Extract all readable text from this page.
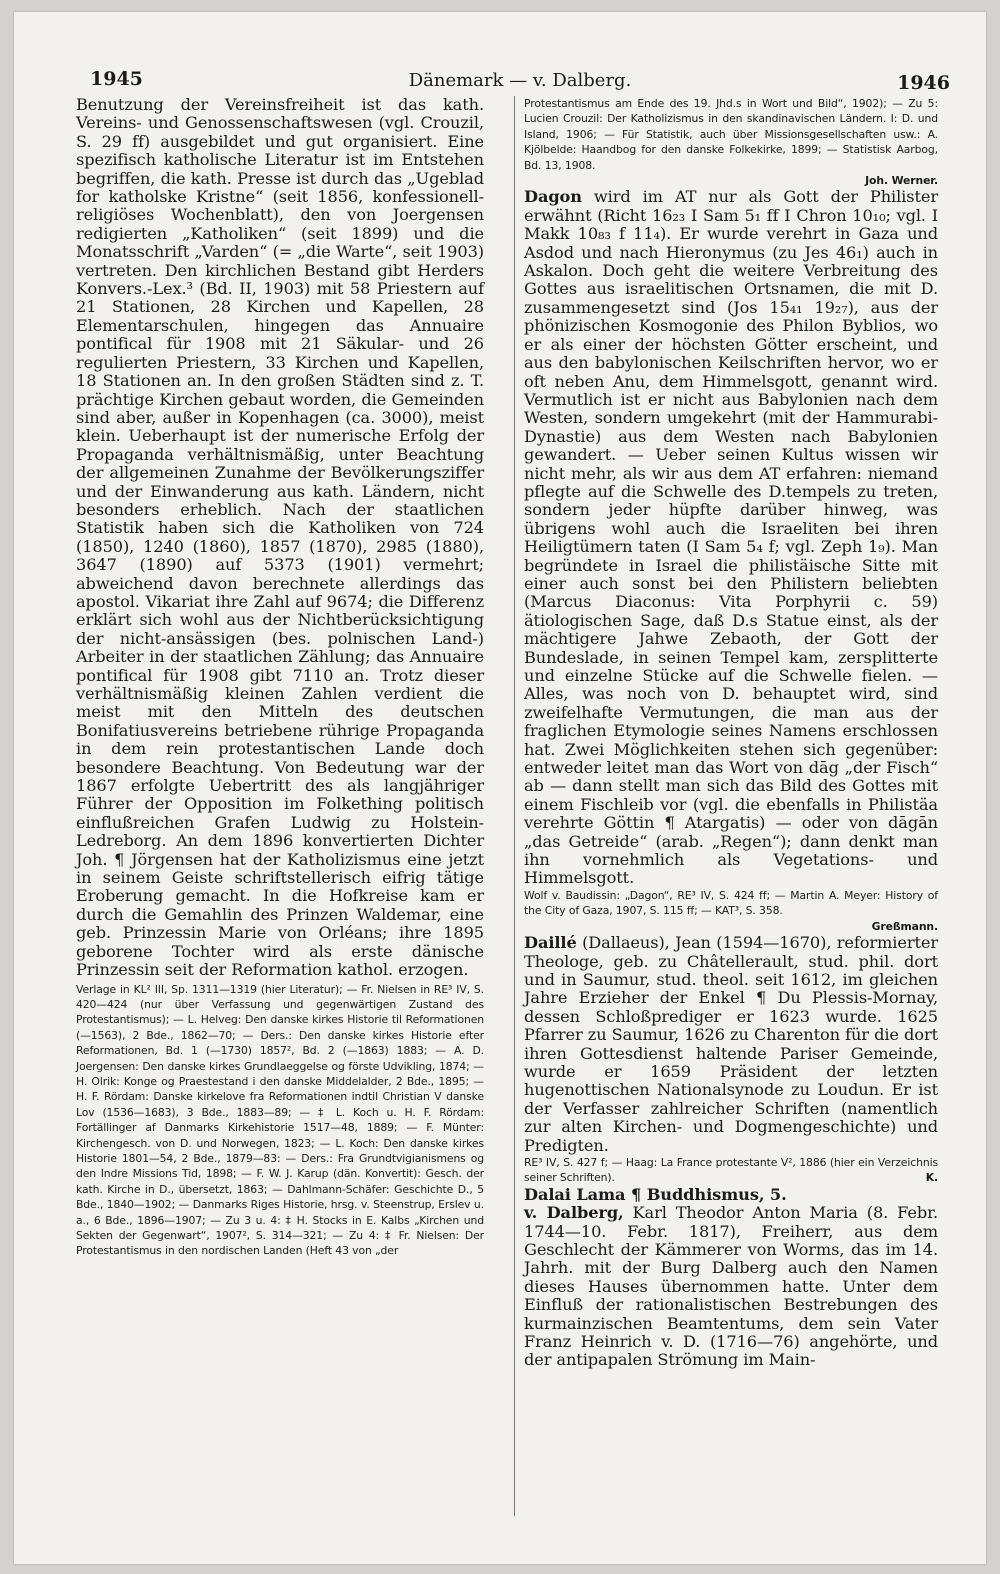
1945	Dänemark — v. Dalberg.	1946

Benutzung der Vereinsfreiheit ist das kath. Vereins- und Genossenschaftswesen (vgl. Crouzil, S. 29 ff) ausgebildet und gut organisiert. Eine spezifisch katholische Literatur ist im Entstehen begriffen, die kath. Presse ist durch das „Ugeblad for katholske Kristne“ (seit 1856, konfessionell-religiöses Wochenblatt), den von Joergensen redigierten „Katholiken“ (seit 1899) und die Monatsschrift „Varden“ (= „die Warte“, seit 1903) vertreten. Den kirchlichen Bestand gibt Herders Konvers.-Lex.³ (Bd. II, 1903) mit 58 Priestern auf 21 Stationen, 28 Kirchen und Kapellen, 28 Elementarschulen, hingegen das Annuaire pontifical für 1908 mit 21 Säkular- und 26 regulierten Priestern, 33 Kirchen und Kapellen, 18 Stationen an. In den großen Städten sind z. T. prächtige Kirchen gebaut worden, die Gemeinden sind aber, außer in Kopenhagen (ca. 3000), meist klein. Ueberhaupt ist der numerische Erfolg der Propaganda verhältnismäßig, unter Beachtung der allgemeinen Zunahme der Bevölkerungsziffer und der Einwanderung aus kath. Ländern, nicht besonders erheblich. Nach der staatlichen Statistik haben sich die Katholiken von 724 (1850), 1240 (1860), 1857 (1870), 2985 (1880), 3647 (1890) auf 5373 (1901) vermehrt; abweichend davon berechnete allerdings das apostol. Vikariat ihre Zahl auf 9674; die Differenz erklärt sich wohl aus der Nichtberücksichtigung der nicht-ansässigen (bes. polnischen Land-) Arbeiter in der staatlichen Zählung; das Annuaire pontifical für 1908 gibt 7110 an. Trotz dieser verhältnismäßig kleinen Zahlen verdient die meist mit den Mitteln des deutschen Bonifatiusvereins betriebene rührige Propaganda in dem rein protestantischen Lande doch besondere Beachtung. Von Bedeutung war der 1867 erfolgte Uebertritt des als langjähriger Führer der Opposition im Folkething politisch einflußreichen Grafen Ludwig zu Holstein-Ledreborg. An dem 1896 konvertierten Dichter Joh. ¶ Jörgensen hat der Katholizismus eine jetzt in seinem Geiste schriftstellerisch eifrig tätige Eroberung gemacht. In die Hofkreise kam er durch die Gemahlin des Prinzen Waldemar, eine geb. Prinzessin Marie von Orléans; ihre 1895 geborene Tochter wird als erste dänische Prinzessin seit der Reformation kathol. erzogen.

Verlage in KL² III, Sp. 1311—1319 (hier Literatur); — Fr. Nielsen in RE³ IV, S. 420—424 (nur über Verfassung und gegenwärtigen Zustand des Protestantismus); — L. Helveg: Den danske kirkes Historie til Reformationen (—1563), 2 Bde., 1862—70; — Ders.: Den danske kirkes Historie efter Reformationen, Bd. 1 (—1730) 1857², Bd. 2 (—1863) 1883; — A. D. Joergensen: Den danske kirkes Grundlaeggelse og förste Udvikling, 1874; — H. Olrik: Konge og Praestestand i den danske Middelalder, 2 Bde., 1895; — H. F. Rördam: Danske kirkelove fra Reformationen indtil Christian V danske Lov (1536—1683), 3 Bde., 1883—89; — ‡ L. Koch u. H. F. Rördam: Fortällinger af Danmarks Kirkehistorie 1517—48, 1889; — F. Münter: Kirchengesch. von D. und Norwegen, 1823; — L. Koch: Den danske kirkes Historie 1801—54, 2 Bde., 1879—83: — Ders.: Fra Grundtvigianismens og den Indre Missions Tid, 1898; — F. W. J. Karup (dän. Konvertit): Gesch. der kath. Kirche in D., übersetzt, 1863; — Dahlmann-Schäfer: Geschichte D., 5 Bde., 1840—1902; — Danmarks Riges Historie, hrsg. v. Steenstrup, Erslev u. a., 6 Bde., 1896—1907; — Zu 3 u. 4: ‡ H. Stocks in E. Kalbs „Kirchen und Sekten der Gegenwart“, 1907², S. 314—321; — Zu 4: ‡ Fr. Nielsen: Der Protestantismus in den nordischen Landen (Heft 43 von „der

Protestantismus am Ende des 19. Jhd.s in Wort und Bild“, 1902); — Zu 5: Lucien Crouzil: Der Katholizismus in den skandinavischen Ländern. I: D. und Island, 1906; — Für Statistik, auch über Missionsgesellschaften usw.: A. Kjölbelde: Haandbog for den danske Folkekirke, 1899; — Statistisk Aarbog, Bd. 13, 1908.

Joh. Werner.

Dagon wird im AT nur als Gott der Philister erwähnt (Richt 16₂₃ I Sam 5₁ ff I Chron 10₁₀; vgl. I Makk 10₈₃ f 11₄). Er wurde verehrt in Gaza und Asdod und nach Hieronymus (zu Jes 46₁) auch in Askalon. Doch geht die weitere Verbreitung des Gottes aus israelitischen Ortsnamen, die mit D. zusammengesetzt sind (Jos 15₄₁ 19₂₇), aus der phönizischen Kosmogonie des Philon Byblios, wo er als einer der höchsten Götter erscheint, und aus den babylonischen Keilschriften hervor, wo er oft neben Anu, dem Himmelsgott, genannt wird. Vermutlich ist er nicht aus Babylonien nach dem Westen, sondern umgekehrt (mit der Hammurabi-Dynastie) aus dem Westen nach Babylonien gewandert. — Ueber seinen Kultus wissen wir nicht mehr, als wir aus dem AT erfahren: niemand pflegte auf die Schwelle des D.tempels zu treten, sondern jeder hüpfte darüber hinweg, was übrigens wohl auch die Israeliten bei ihren Heiligtümern taten (I Sam 5₄ f; vgl. Zeph 1₉). Man begründete in Israel die philistäische Sitte mit einer auch sonst bei den Philistern beliebten (Marcus Diaconus: Vita Porphyrii c. 59) ätiologischen Sage, daß D.s Statue einst, als der mächtigere Jahwe Zebaoth, der Gott der Bundeslade, in seinen Tempel kam, zersplitterte und einzelne Stücke auf die Schwelle fielen. — Alles, was noch von D. behauptet wird, sind zweifelhafte Vermutungen, die man aus der fraglichen Etymologie seines Namens erschlossen hat. Zwei Möglichkeiten stehen sich gegenüber: entweder leitet man das Wort von dāg „der Fisch“ ab — dann stellt man sich das Bild des Gottes mit einem Fischleib vor (vgl. die ebenfalls in Philistäa verehrte Göttin ¶ Atargatis) — oder von dāgān „das Getreide“ (arab. „Regen“); dann denkt man ihn vornehmlich als Vegetations- und Himmelsgott.

Wolf v. Baudissin: „Dagon“, RE³ IV, S. 424 ff; — Martin A. Meyer: History of the City of Gaza, 1907, S. 115 ff; — KAT³, S. 358.

Greßmann.

Daillé (Dallaeus), Jean (1594—1670), reformierter Theologe, geb. zu Châtellerault, stud. phil. dort und in Saumur, stud. theol. seit 1612, im gleichen Jahre Erzieher der Enkel ¶ Du Plessis-Mornay, dessen Schloßprediger er 1623 wurde. 1625 Pfarrer zu Saumur, 1626 zu Charenton für die dort ihren Gottesdienst haltende Pariser Gemeinde, wurde er 1659 Präsident der letzten hugenottischen Nationalsynode zu Loudun. Er ist der Verfasser zahlreicher Schriften (namentlich zur alten Kirchen- und Dogmengeschichte) und Predigten.

RE³ IV, S. 427 f; — Haag: La France protestante V², 1886 (hier ein Verzeichnis seiner Schriften).	K.

Dalai Lama ¶ Buddhismus, 5.

v. Dalberg, Karl Theodor Anton Maria (8. Febr. 1744—10. Febr. 1817), Freiherr, aus dem Geschlecht der Kämmerer von Worms, das im 14. Jahrh. mit der Burg Dalberg auch den Namen dieses Hauses übernommen hatte. Unter dem Einfluß der rationalistischen Bestrebungen des kurmainzischen Beamtentums, dem sein Vater Franz Heinrich v. D. (1716—76) angehörte, und der antipapalen Strömung im Main-
